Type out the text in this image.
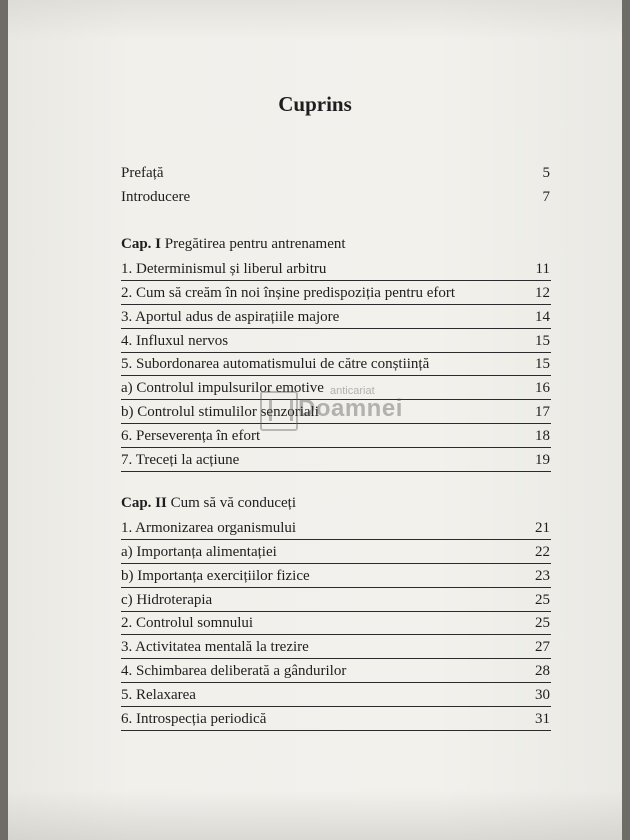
Cuprins
Prefață	5
Introducere	7
Cap. I Pregătirea pentru antrenament
1. Determinismul și liberul arbitru	11
2. Cum să creăm în noi înșine predispoziția pentru efort	12
3. Aportul adus de aspirațiile majore	14
4. Influxul nervos	15
5. Subordonarea automatismului de către conștiință	15
a) Controlul impulsurilor emotive	16
b) Controlul stimulilor senzoriali	17
6. Perseverența în efort	18
7. Treceți la acțiune	19
Cap. II Cum să vă conduceți
1. Armonizarea organismului	21
a) Importanța alimentației	22
b) Importanța exercițiilor fizice	23
c) Hidroterapia	25
2. Controlul somnului	25
3. Activitatea mentală la trezire	27
4. Schimbarea deliberată a gândurilor	28
5. Relaxarea	30
6. Introspecția periodică	31
anticariat
Doamnei
